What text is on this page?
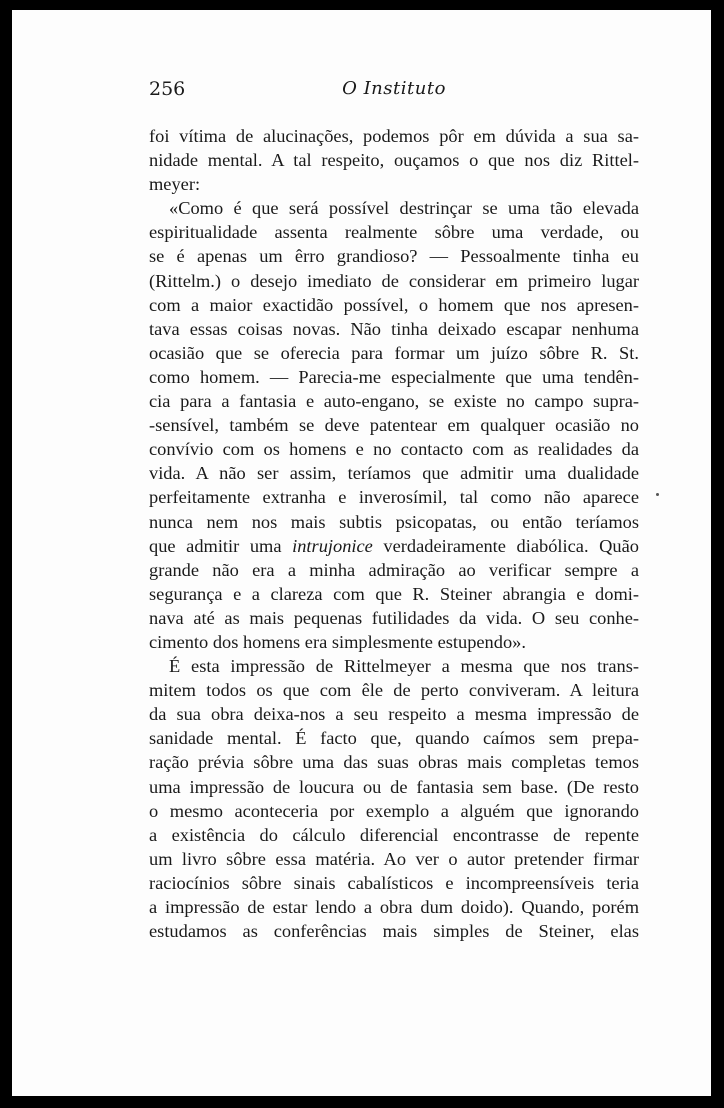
256	O Instituto
foi vítima de alucinações, podemos pôr em dúvida a sua sa-
nidade mental. A tal respeito, ouçamos o que nos diz Rittel-
meyer:
«Como é que será possível destrinçar se uma tão elevada
espiritualidade assenta realmente sôbre uma verdade, ou
se é apenas um êrro grandioso? — Pessoalmente tinha eu
(Rittelm.) o desejo imediato de considerar em primeiro lugar
com a maior exactidão possível, o homem que nos apresen-
tava essas coisas novas. Não tinha deixado escapar nenhuma
ocasião que se oferecia para formar um juízo sôbre R. St.
como homem. — Parecia-me especialmente que uma tendên-
cia para a fantasia e auto-engano, se existe no campo supra-
-sensível, também se deve patentear em qualquer ocasião no
convívio com os homens e no contacto com as realidades da
vida. A não ser assim, teríamos que admitir uma dualidade
perfeitamente extranha e inverosímil, tal como não aparece
nunca nem nos mais subtis psicopatas, ou então teríamos
que admitir uma intrujonice verdadeiramente diabólica. Quão
grande não era a minha admiração ao verificar sempre a
segurança e a clareza com que R. Steiner abrangia e domi-
nava até as mais pequenas futilidades da vida. O seu conhe-
cimento dos homens era simplesmente estupendo».
É esta impressão de Rittelmeyer a mesma que nos trans-
mitem todos os que com êle de perto conviveram. A leitura
da sua obra deixa-nos a seu respeito a mesma impressão de
sanidade mental. É facto que, quando caímos sem prepa-
ração prévia sôbre uma das suas obras mais completas temos
uma impressão de loucura ou de fantasia sem base. (De resto
o mesmo aconteceria por exemplo a alguém que ignorando
a existência do cálculo diferencial encontrasse de repente
um livro sôbre essa matéria. Ao ver o autor pretender firmar
raciocínios sôbre sinais cabalísticos e incompreensíveis teria
a impressão de estar lendo a obra dum doido). Quando, porém
estudamos as conferências mais simples de Steiner, elas
